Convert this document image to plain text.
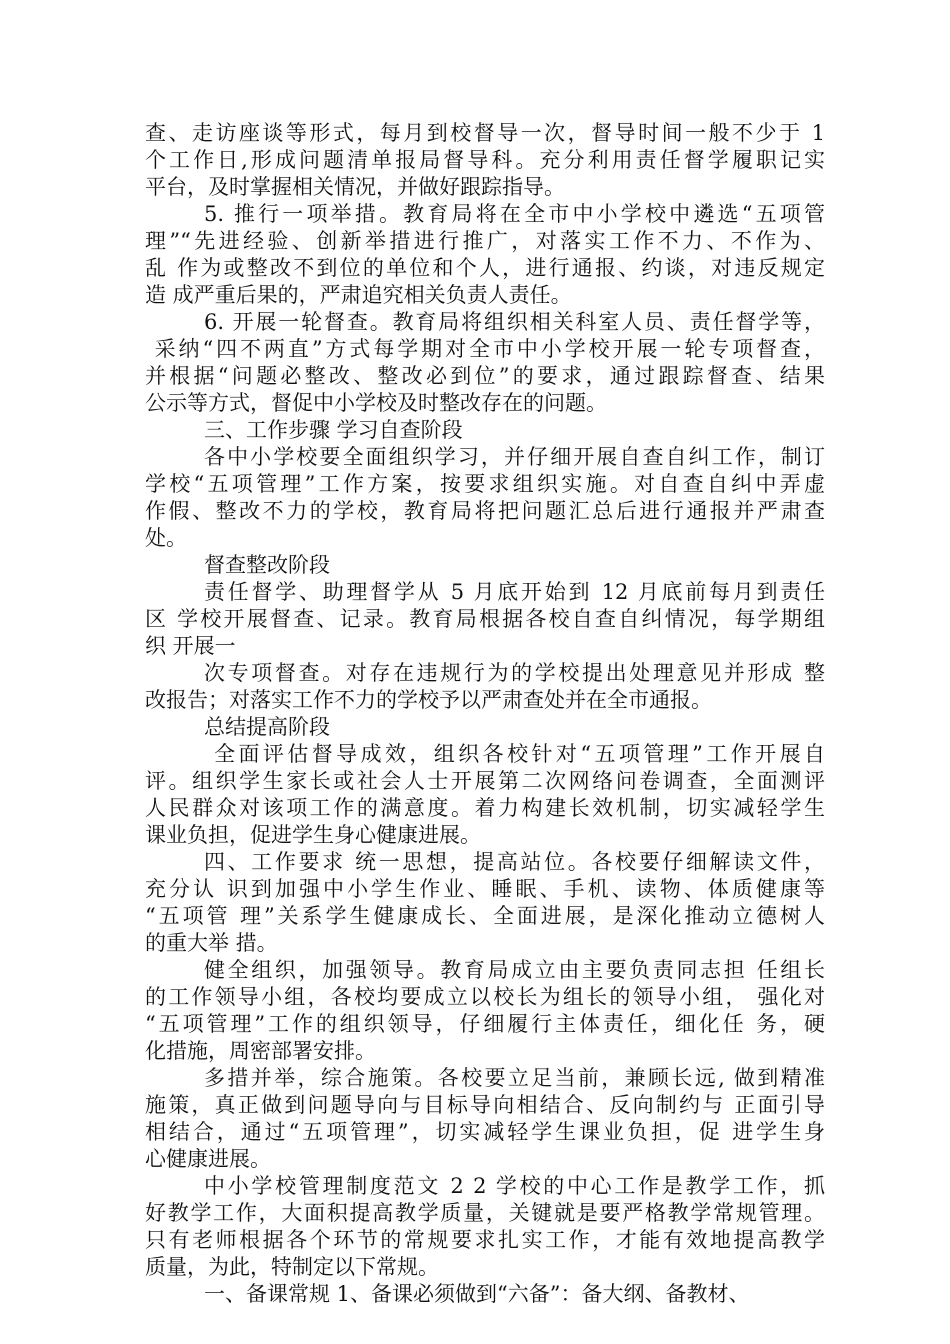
查、走访座谈等形式，每月到校督导一次，督导时间一般不少于 1
个工作日,形成问题清单报局督导科。充分利用责任督学履职记实
平台，及时掌握相关情况，并做好跟踪指导。
5. 推行一项举措。教育局将在全市中小学校中遴选“五项管
理”“先进经验、创新举措进行推广，对落实工作不力、不作为、
乱 作为或整改不到位的单位和个人，进行通报、约谈，对违反规定
造 成严重后果的，严肃追究相关负责人责任。
6. 开展一轮督查。教育局将组织相关科室人员、责任督学等，
采纳“四不两直”方式每学期对全市中小学校开展一轮专项督查，
并根据“问题必整改、整改必到位”的要求，通过跟踪督查、结果
公示等方式，督促中小学校及时整改存在的问题。
三、工作步骤 学习自查阶段
各中小学校要全面组织学习，并仔细开展自查自纠工作，制订
学校“五项管理”工作方案，按要求组织实施。对自查自纠中弄虚
作假、整改不力的学校，教育局将把问题汇总后进行通报并严肃查
处。
督查整改阶段
责任督学、助理督学从 5 月底开始到 12 月底前每月到责任
区 学校开展督查、记录。教育局根据各校自查自纠情况，每学期组
织 开展一
次专项督查。对存在违规行为的学校提出处理意见并形成 整
改报告；对落实工作不力的学校予以严肃查处并在全市通报。
总结提高阶段
全面评估督导成效，组织各校针对“五项管理”工作开展自
评。组织学生家长或社会人士开展第二次网络问卷调查，全面测评
人民群众对该项工作的满意度。着力构建长效机制，切实减轻学生
课业负担，促进学生身心健康进展。
四、工作要求 统一思想，提高站位。各校要仔细解读文件，
充分认 识到加强中小学生作业、睡眠、手机、读物、体质健康等
“五项管 理”关系学生健康成长、全面进展，是深化推动立德树人
的重大举 措。
健全组织，加强领导。教育局成立由主要负责同志担 任组长
的工作领导小组，各校均要成立以校长为组长的领导小组， 强化对
“五项管理”工作的组织领导，仔细履行主体责任，细化任 务，硬
化措施，周密部署安排。
多措并举，综合施策。各校要立足当前，兼顾长远, 做到精准
施策，真正做到问题导向与目标导向相结合、反向制约与 正面引导
相结合，通过“五项管理”，切实减轻学生课业负担，促 进学生身
心健康进展。
中小学校管理制度范文 2 2 学校的中心工作是教学工作，抓
好教学工作，大面积提高教学质量，关键就是要严格教学常规管理。
只有老师根据各个环节的常规要求扎实工作，才能有效地提高教学
质量，为此，特制定以下常规。
一、备课常规 1、备课必须做到“六备”：备大纲、备教材、
